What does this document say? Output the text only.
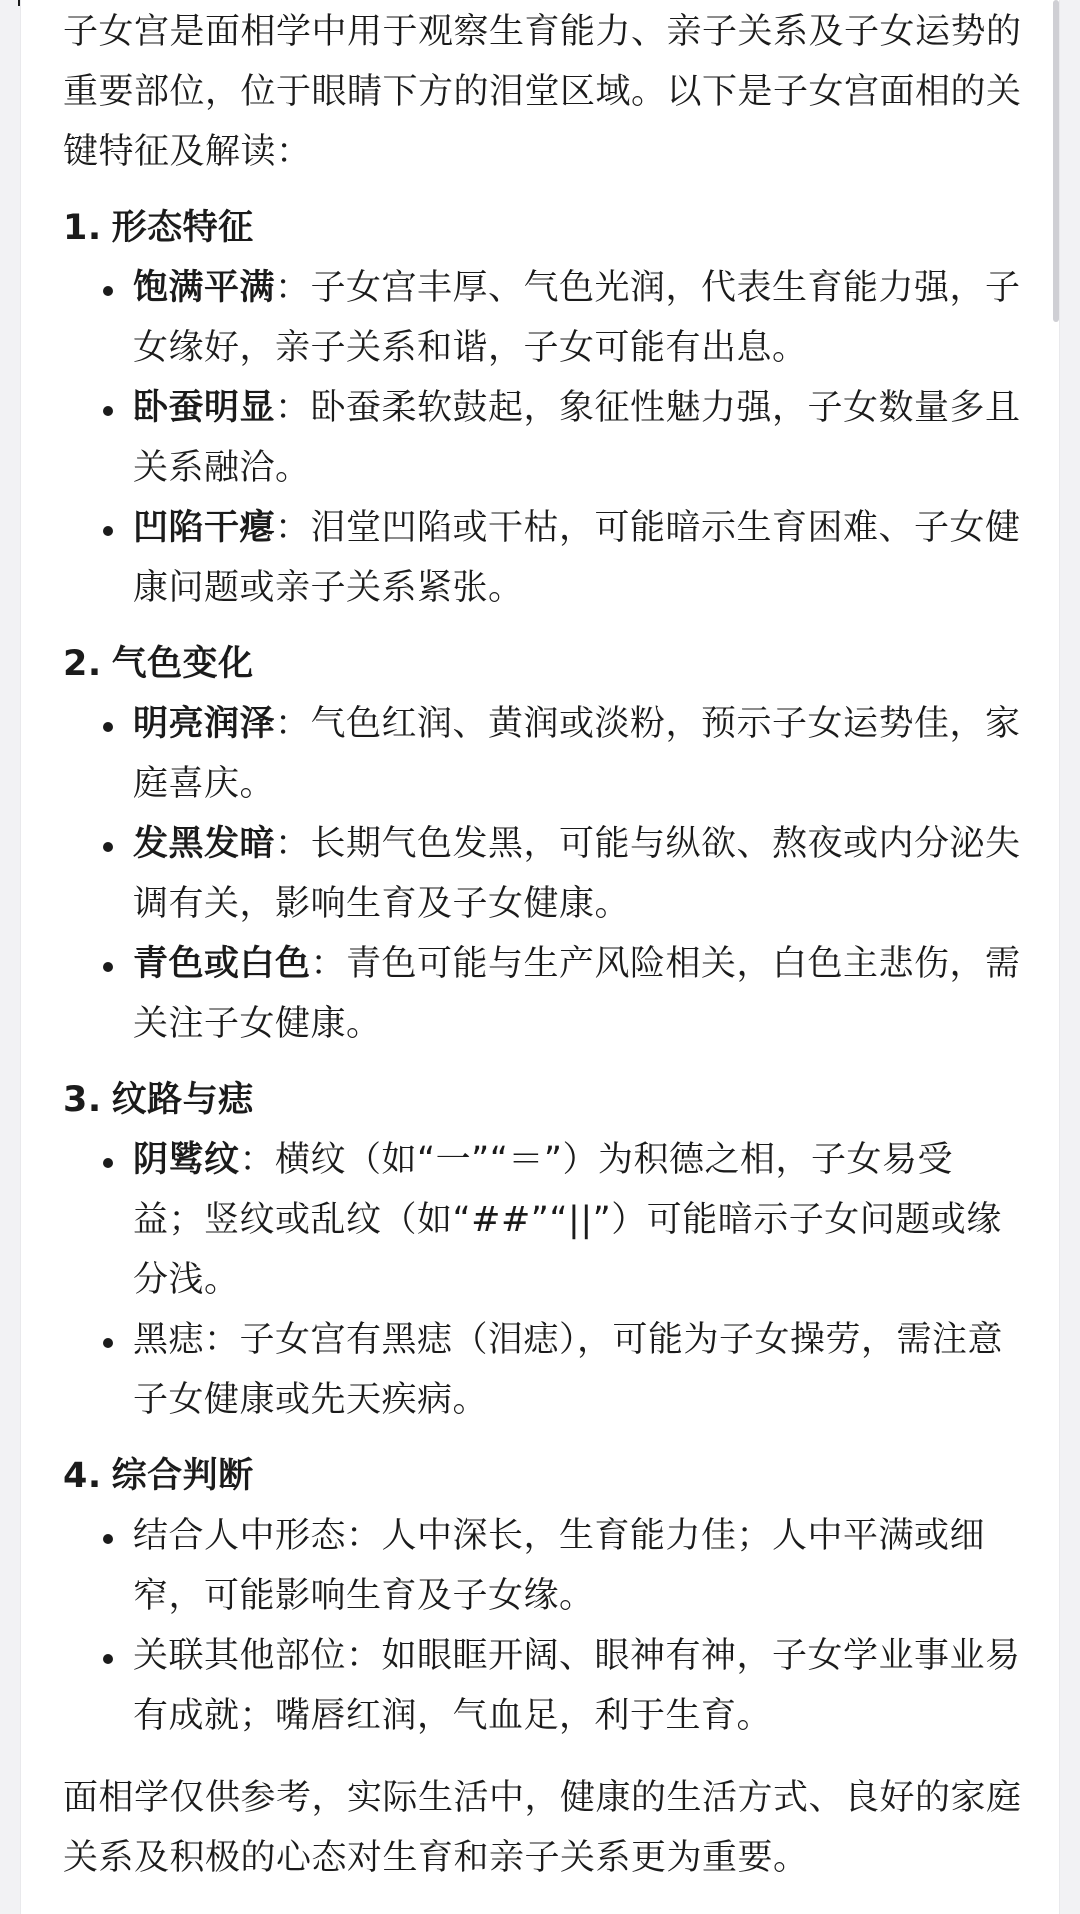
子女宫是面相学中用于观察生育能力、亲子关系及子女运势的重要部位，位于眼睛下方的泪堂区域。以下是子女宫面相的关键特征及解读：

1. 形态特征
饱满平满：子女宫丰厚、气色光润，代表生育能力强，子女缘好，亲子关系和谐，子女可能有出息。
卧蚕明显：卧蚕柔软鼓起，象征性魅力强，子女数量多且关系融洽。
凹陷干瘪：泪堂凹陷或干枯，可能暗示生育困难、子女健康问题或亲子关系紧张。
2. 气色变化
明亮润泽：气色红润、黄润或淡粉，预示子女运势佳，家庭喜庆。
发黑发暗：长期气色发黑，可能与纵欲、熬夜或内分泌失调有关，影响生育及子女健康。
青色或白色：青色可能与生产风险相关，白色主悲伤，需关注子女健康。
3. 纹路与痣
阴骘纹：横纹（如“一”“＝”）为积德之相，子女易受益；竖纹或乱纹（如“##”“||”）可能暗示子女问题或缘分浅。
黑痣：子女宫有黑痣（泪痣），可能为子女操劳，需注意子女健康或先天疾病。
4. 综合判断
结合人中形态：人中深长，生育能力佳；人中平满或细窄，可能影响生育及子女缘。
关联其他部位：如眼眶开阔、眼神有神，子女学业事业易有成就；嘴唇红润，气血足，利于生育。

面相学仅供参考，实际生活中，健康的生活方式、良好的家庭关系及积极的心态对生育和亲子关系更为重要。
